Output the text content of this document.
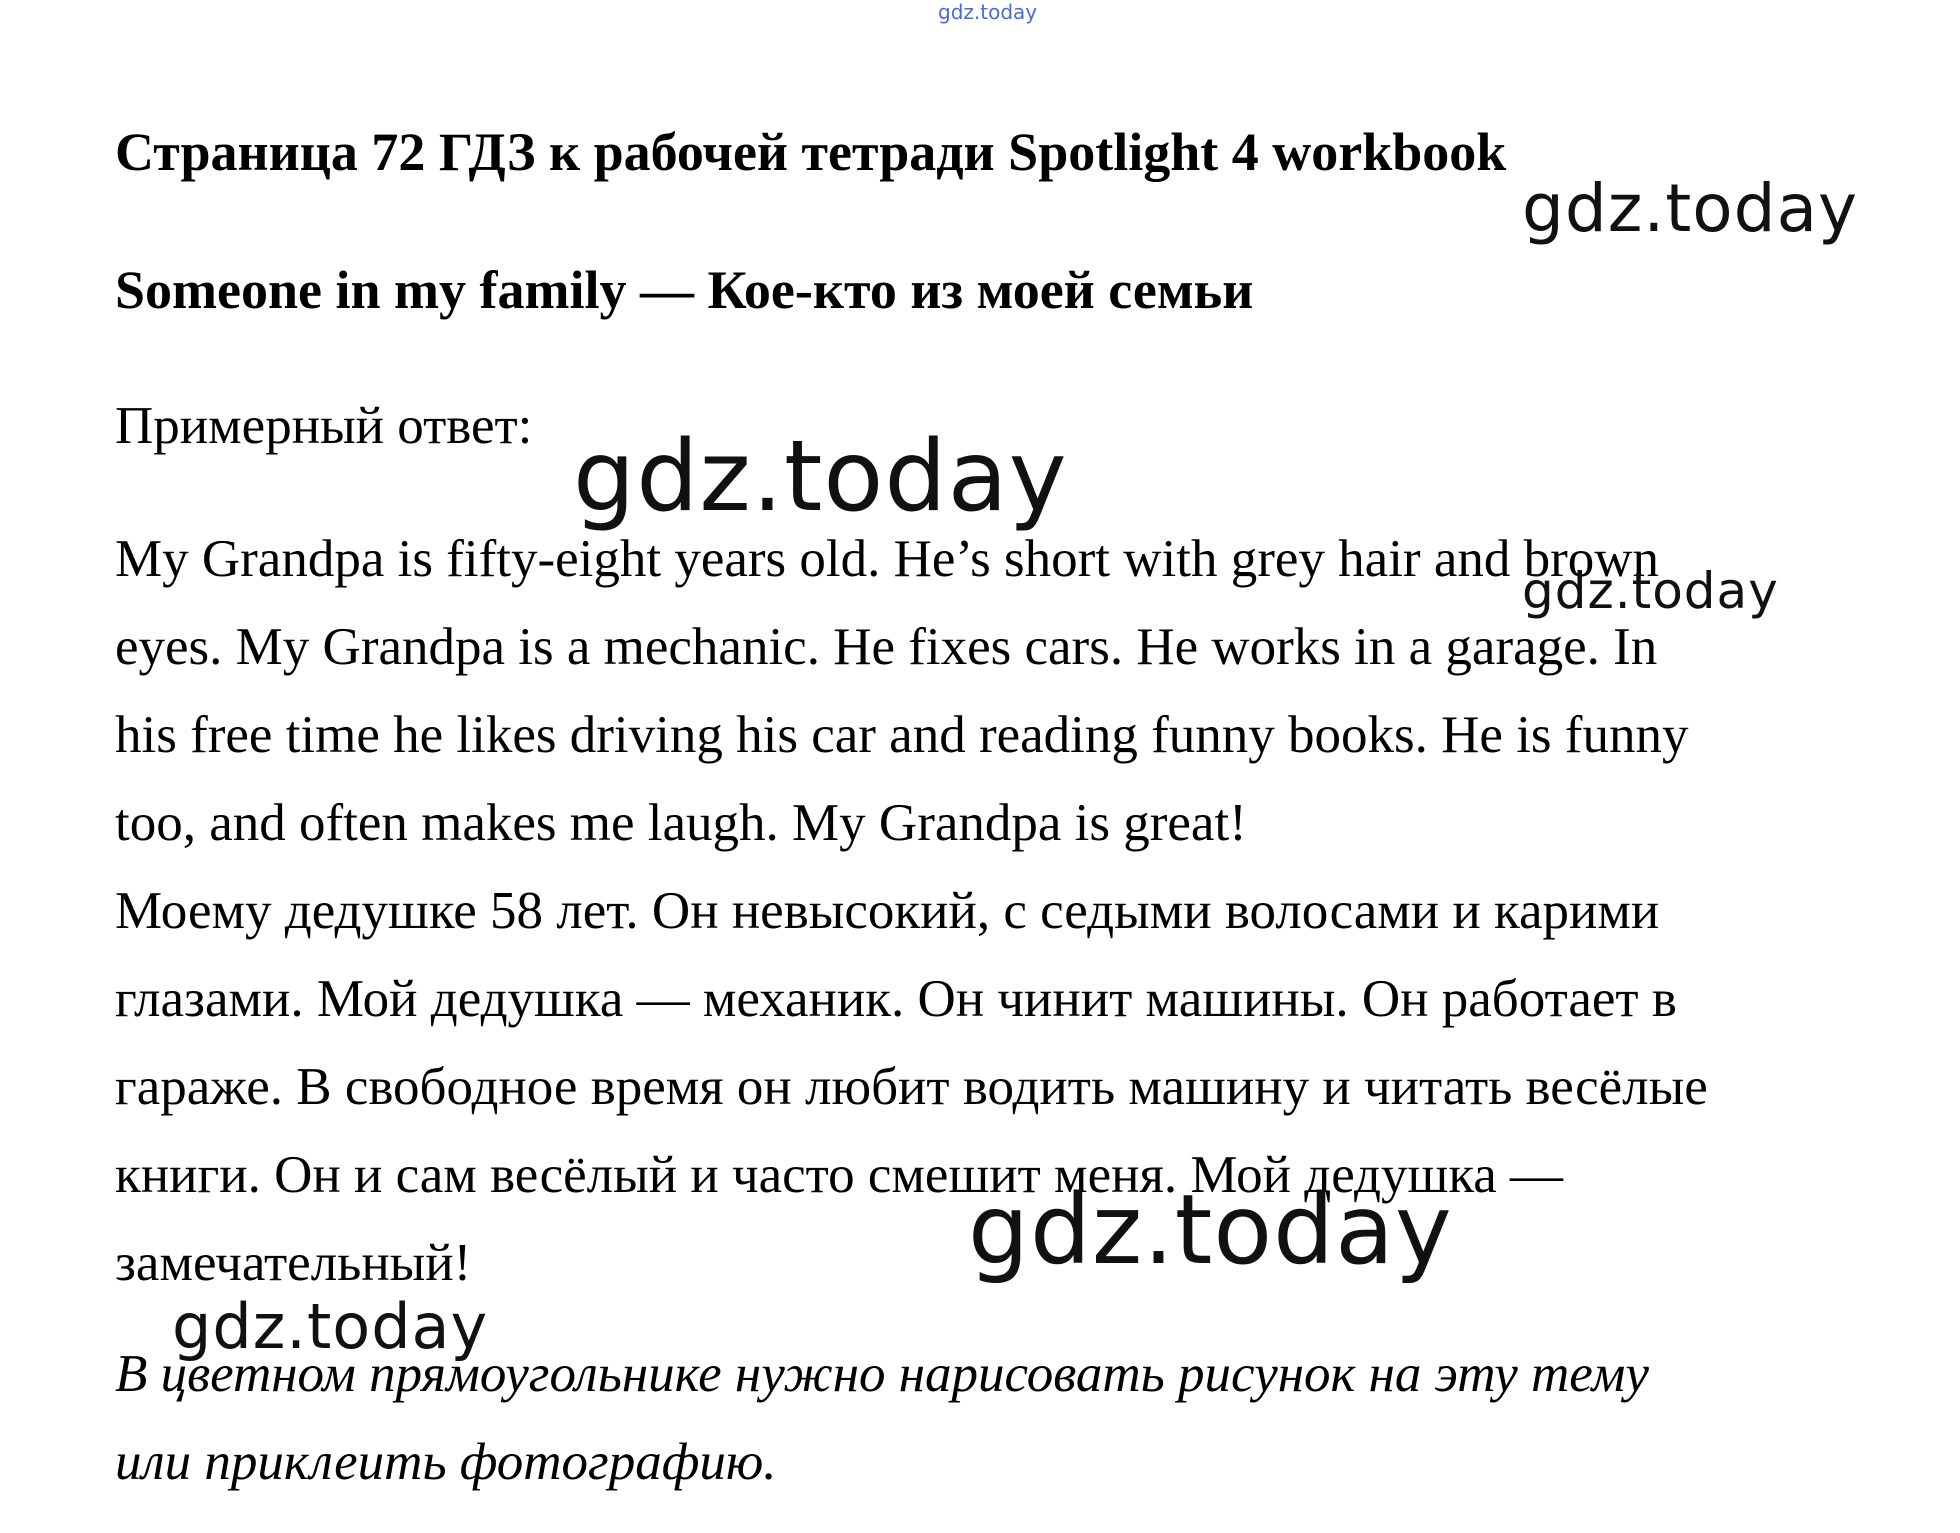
gdz.today
Страница 72 ГДЗ к рабочей тетради Spotlight 4 workbook
Someone in my family — Кое-кто из моей семьи
Примерный ответ:
My Grandpa is fifty-eight years old. He’s short with grey hair and brown
eyes. My Grandpa is a mechanic. He fixes cars. He works in a garage. In
his free time he likes driving his car and reading funny books. He is funny
too, and often makes me laugh. My Grandpa is great!
Моему дедушке 58 лет. Он невысокий, с седыми волосами и карими
глазами. Мой дедушка — механик. Он чинит машины. Он работает в
гараже. В свободное время он любит водить машину и читать весёлые
книги. Он и сам весёлый и часто смешит меня. Мой дедушка —
замечательный!
В цветном прямоугольнике нужно нарисовать рисунок на эту тему
или приклеить фотографию.
gdz.today
gdz.today
gdz.today
gdz.today
gdz.today
